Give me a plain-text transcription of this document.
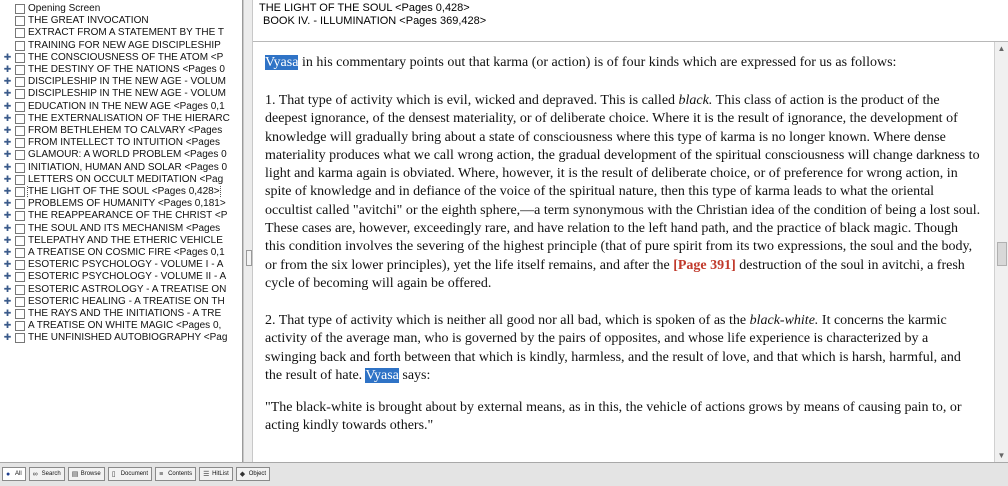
Opening Screen
THE GREAT INVOCATION
EXTRACT FROM A STATEMENT BY THE T
TRAINING FOR NEW AGE DISCIPLESHIP
✚ THE CONSCIOUSNESS OF THE ATOM <P
✚ THE DESTINY OF THE NATIONS <Pages 0
✚ DISCIPLESHIP IN THE NEW AGE - VOLUM
✚ DISCIPLESHIP IN THE NEW AGE - VOLUM
✚ EDUCATION IN THE NEW AGE <Pages 0,1
✚ THE EXTERNALISATION OF THE HIERARC
✚ FROM BETHLEHEM TO CALVARY <Pages
✚ FROM INTELLECT TO INTUITION <Pages
✚ GLAMOUR: A WORLD PROBLEM <Pages 0
✚ INITIATION, HUMAN AND SOLAR <Pages 0
✚ LETTERS ON OCCULT MEDITATION <Pag
✚ THE LIGHT OF THE SOUL <Pages 0,428>
✚ PROBLEMS OF HUMANITY <Pages 0,181>
✚ THE REAPPEARANCE OF THE CHRIST <P
✚ THE SOUL AND ITS MECHANISM <Pages
✚ TELEPATHY AND THE ETHERIC VEHICLE
✚ A TREATISE ON COSMIC FIRE <Pages 0,1
✚ ESOTERIC PSYCHOLOGY - VOLUME I - A
✚ ESOTERIC PSYCHOLOGY - VOLUME II - A
✚ ESOTERIC ASTROLOGY - A TREATISE ON
✚ ESOTERIC HEALING - A TREATISE ON TH
✚ THE RAYS AND THE INITIATIONS - A TRE
✚ A TREATISE ON WHITE MAGIC <Pages 0,
✚ THE UNFINISHED AUTOBIOGRAPHY <Pag
THE LIGHT OF THE SOUL <Pages 0,428>
BOOK IV. - ILLUMINATION <Pages 369,428>

Vyasa in his commentary points out that karma (or action) is of four kinds which are expressed for us as follows:

1. That type of activity which is evil, wicked and depraved. This is called black. This class of action is the product of the deepest ignorance, of the densest materiality, or of deliberate choice. Where it is the result of ignorance, the development of knowledge will gradually bring about a state of consciousness where this type of karma is no longer known. Where dense materiality produces what we call wrong action, the gradual development of the spiritual consciousness will change darkness to light and karma again is obviated. Where, however, it is the result of deliberate choice, or of preference for wrong action, in spite of knowledge and in defiance of the voice of the spiritual nature, then this type of karma leads to what the oriental occultist called "avitchi" or the eighth sphere,—a term synonymous with the Christian idea of the condition of being a lost soul. These cases are, however, exceedingly rare, and have relation to the left hand path, and the practice of black magic. Though this condition involves the severing of the highest principle (that of pure spirit from its two expressions, the soul and the body, or from the six lower principles), yet the life itself remains, and after the [Page 391] destruction of the soul in avitchi, a fresh cycle of becoming will again be offered.

2. That type of activity which is neither all good nor all bad, which is spoken of as the black-white. It concerns the karmic activity of the average man, who is governed by the pairs of opposites, and whose life experience is characterized by a swinging back and forth between that which is kindly, harmless, and the result of love, and that which is harsh, harmful, and the result of hate. Vyasa says:

"The black-white is brought about by external means, as in this, the vehicle of actions grows by means of causing pain to, or acting kindly towards others."

▲
▼
● All ∞ Search ▤ Browse ▯ Document ≡ Contents ☰ HitList ◆ Object
